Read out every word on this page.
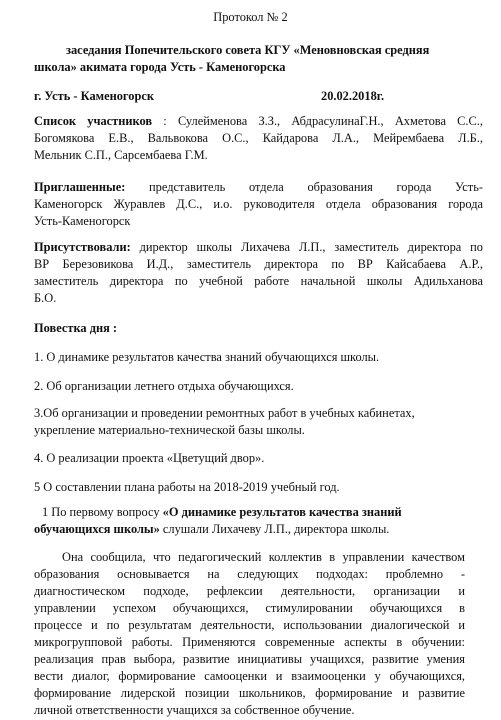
Протокол № 2
заседания Попечительского совета КГУ «Меновновская средняя
школа» акимата города Усть - Каменогорска
г. Усть - Каменогорск	20.02.2018г.
Список участников : Сулейменова З.З., АбдрасулинаГ.Н., Ахметова С.С.,
Богомякова Е.В., Вальвокова О.С., Кайдарова Л.А., Мейрембаева Л.Б.,
Мельник С.П., Сарсембаева Г.М.
Приглашенные: представитель отдела образования города Усть-
Каменогорск Журавлев Д.С., и.о. руководителя отдела образования города
Усть-Каменогорск
Присутствовали: директор школы Лихачева Л.П., заместитель директора по
ВР Березовикова И.Д., заместитель директора по ВР Кайсабаева А.Р.,
заместитель директора по учебной работе начальной школы Адильханова
Б.О.
Повестка дня :
1. О динамике результатов качества знаний обучающихся школы.
2. Об организации летнего отдыха обучающихся.
3.Об организации и проведении ремонтных работ в учебных кабинетах,
укрепление материально-технической базы школы.
4. О реализации проекта «Цветущий двор».
5 О составлении плана работы на 2018-2019 учебный год.
1 По первому вопросу «О динамике результатов качества знаний
обучающихся школы» слушали Лихачеву Л.П., директора школы.
Она сообщила, что педагогический коллектив в управлении качеством
образования основывается на следующих подходах: проблемно -
диагностическом подходе, рефлексии деятельности, организации и
управлении успехом обучающихся, стимулировании обучающихся в
процессе и по результатам деятельности, использовании диалогической и
микрогрупповой работы. Применяются современные аспекты в обучении:
реализация прав выбора, развитие инициативы учащихся, развитие умения
вести диалог, формирование самооценки и взаимооценки у обучающихся,
формирование лидерской позиции школьников, формирование и развитие
личной ответственности учащихся за собственное обучение.
